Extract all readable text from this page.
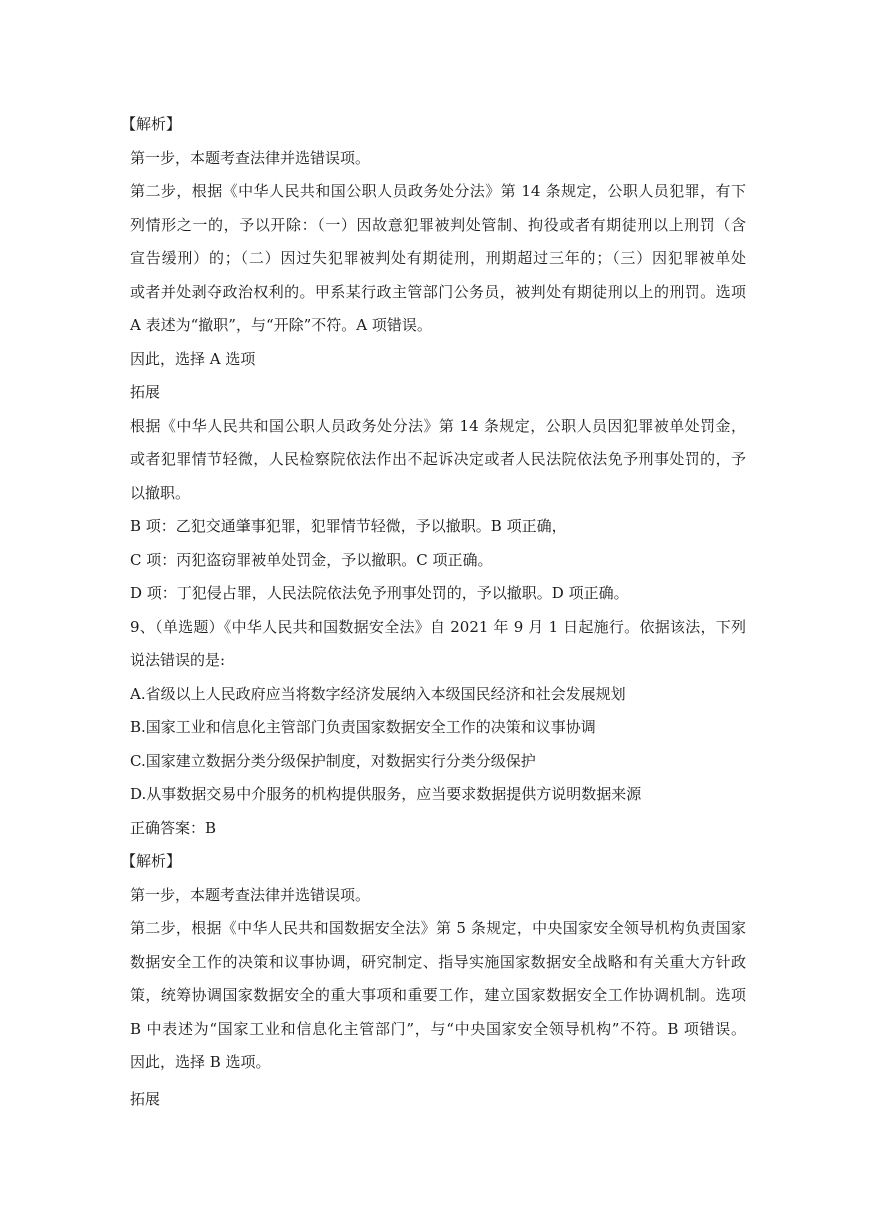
【解析】

第一步，本题考查法律并选错误项。

第二步，根据《中华人民共和国公职人员政务处分法》第 14 条规定，公职人员犯罪，有下

列情形之一的，予以开除：（一）因故意犯罪被判处管制、拘役或者有期徒刑以上刑罚（含

宣告缓刑）的；（二）因过失犯罪被判处有期徒刑，刑期超过三年的；（三）因犯罪被单处

或者并处剥夺政治权利的。甲系某行政主管部门公务员，被判处有期徒刑以上的刑罚。选项

A 表述为“撤职”，与“开除”不符。A 项错误。

因此，选择 A 选项

拓展

根据《中华人民共和国公职人员政务处分法》第 14 条规定，公职人员因犯罪被单处罚金，

或者犯罪情节轻微，人民检察院依法作出不起诉决定或者人民法院依法免予刑事处罚的，予

以撤职。

B 项：乙犯交通肇事犯罪，犯罪情节轻微，予以撤职。B 项正确，

C 项：丙犯盗窃罪被单处罚金，予以撤职。C 项正确。

D 项：丁犯侵占罪，人民法院依法免予刑事处罚的，予以撤职。D 项正确。

9、（单选题）《中华人民共和国数据安全法》自 2021 年 9 月 1 日起施行。依据该法，下列

说法错误的是:

A.省级以上人民政府应当将数字经济发展纳入本级国民经济和社会发展规划

B.国家工业和信息化主管部门负责国家数据安全工作的决策和议事协调

C.国家建立数据分类分级保护制度，对数据实行分类分级保护

D.从事数据交易中介服务的机构提供服务，应当要求数据提供方说明数据来源

正确答案：B

【解析】

第一步，本题考查法律并选错误项。

第二步，根据《中华人民共和国数据安全法》第 5 条规定，中央国家安全领导机构负责国家

数据安全工作的决策和议事协调，研究制定、指导实施国家数据安全战略和有关重大方针政

策，统筹协调国家数据安全的重大事项和重要工作，建立国家数据安全工作协调机制。选项

B 中表述为“国家工业和信息化主管部门”，与“中央国家安全领导机构”不符。B 项错误。

因此，选择 B 选项。

拓展
